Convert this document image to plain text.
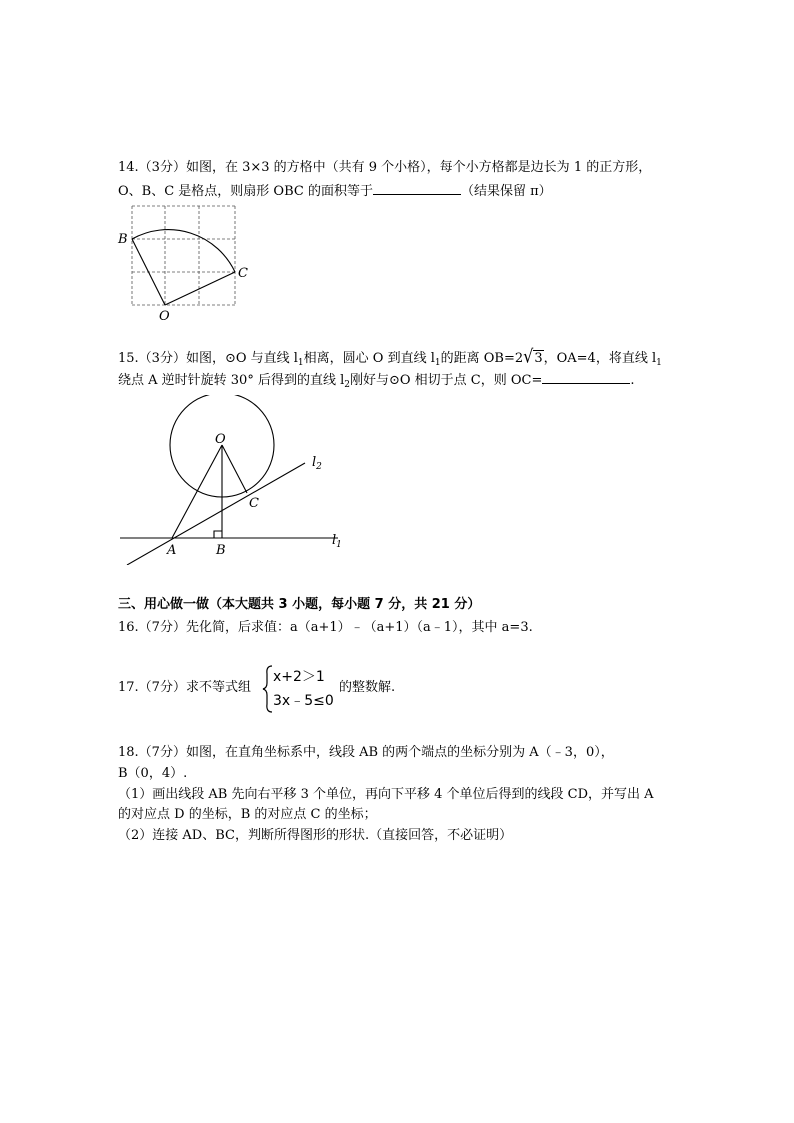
14.（3分）如图，在 3×3 的方格中（共有 9 个小格），每个小方格都是边长为 1 的正方形，
O、B、C 是格点，则扇形 OBC 的面积等于	（结果保留 π）
B
C
O
15.（3分）如图，⊙O 与直线 $l_1$相离，圆心 O 到直线 $l_1$的距离 OB=2√3，OA=4，将直线 $l_1$
绕点 A 逆时针旋转 30° 后得到的直线 $l_2$刚好与⊙O 相切于点 C，则 OC=	.
O
C
A	B
$l_2$
$l_1$
三、用心做一做（本大题共 3 小题，每小题 7 分，共 21 分）
16.（7分）先化简，后求值：a（a+1）﹣（a+1）（a﹣1），其中 a=3.
17.（7分）求不等式组
x+2＞1
3x﹣5≤0
的整数解.
18.（7分）如图，在直角坐标系中，线段 AB 的两个端点的坐标分别为 A（﹣3，0），
B（0，4）.
（1）画出线段 AB 先向右平移 3 个单位，再向下平移 4 个单位后得到的线段 CD，并写出 A
的对应点 D 的坐标，B 的对应点 C 的坐标；
（2）连接 AD、BC，判断所得图形的形状.（直接回答，不必证明）
